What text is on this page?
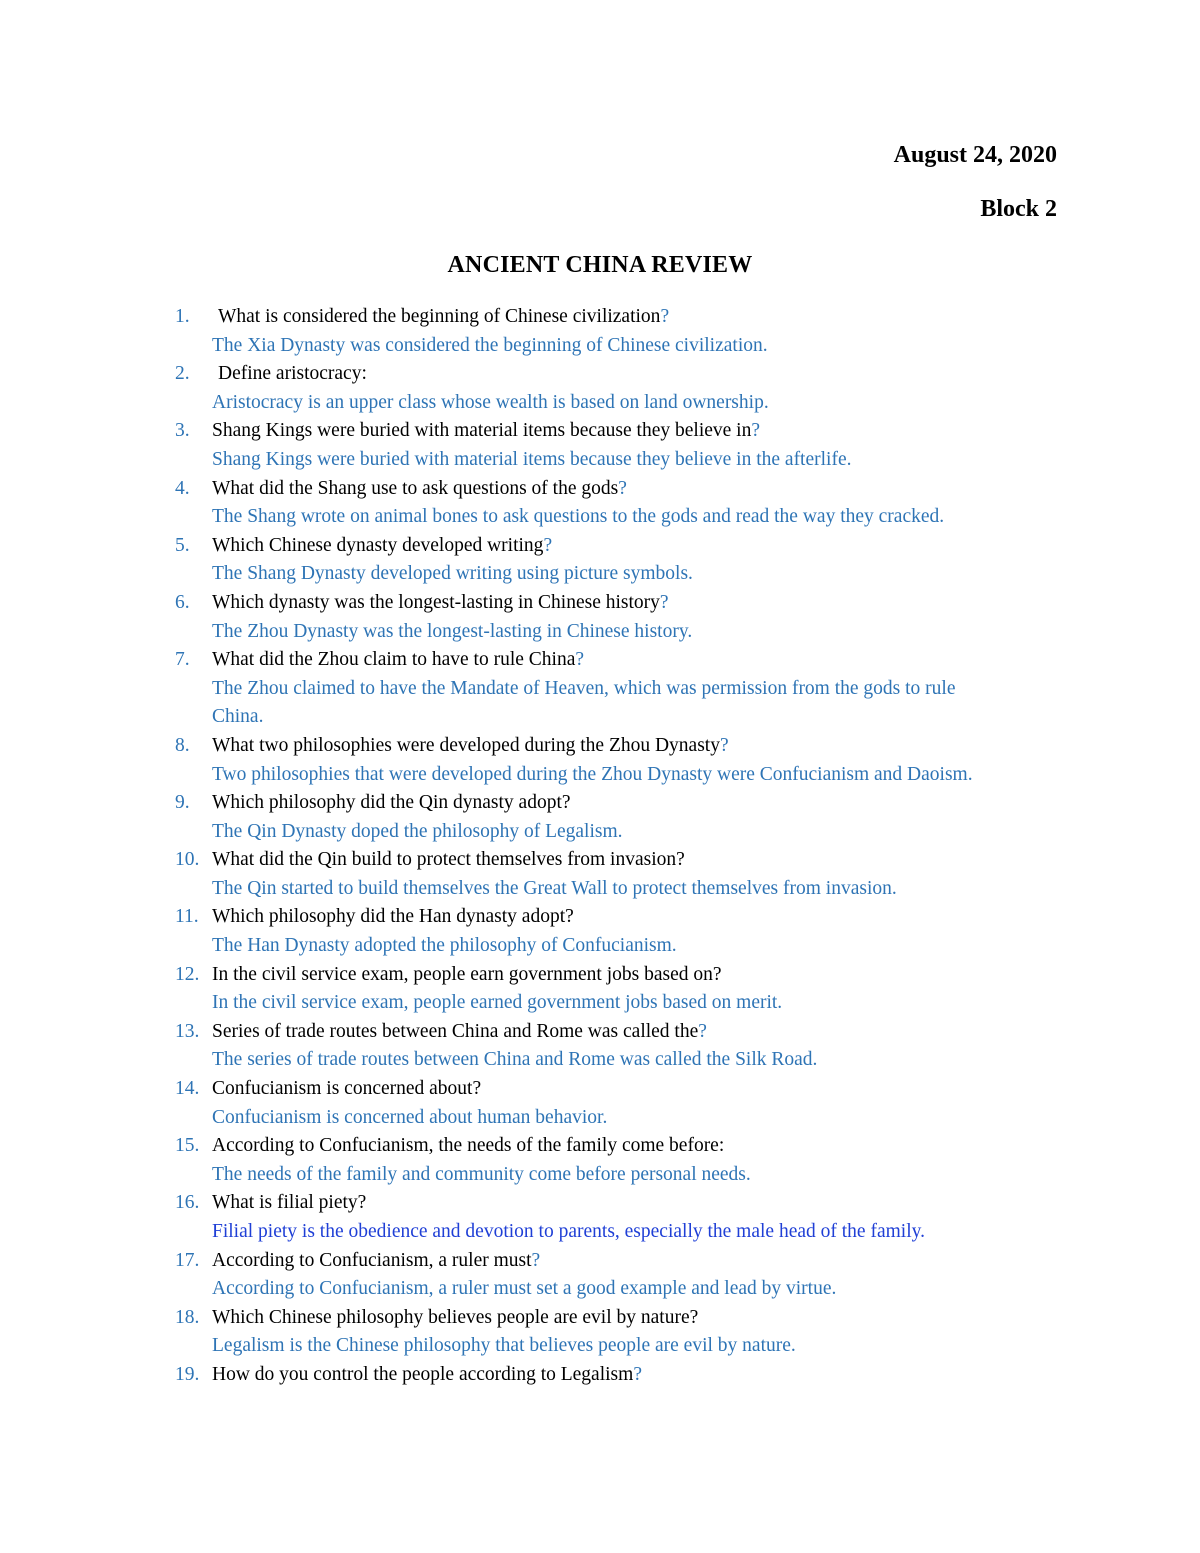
August 24, 2020
Block 2
ANCIENT CHINA REVIEW
1. What is considered the beginning of Chinese civilization?
The Xia Dynasty was considered the beginning of Chinese civilization.
2. Define aristocracy:
Aristocracy is an upper class whose wealth is based on land ownership.
3. Shang Kings were buried with material items because they believe in?
Shang Kings were buried with material items because they believe in the afterlife.
4. What did the Shang use to ask questions of the gods?
The Shang wrote on animal bones to ask questions to the gods and read the way they cracked.
5. Which Chinese dynasty developed writing?
The Shang Dynasty developed writing using picture symbols.
6. Which dynasty was the longest-lasting in Chinese history?
The Zhou Dynasty was the longest-lasting in Chinese history.
7. What did the Zhou claim to have to rule China?
The Zhou claimed to have the Mandate of Heaven, which was permission from the gods to rule
China.
8. What two philosophies were developed during the Zhou Dynasty?
Two philosophies that were developed during the Zhou Dynasty were Confucianism and Daoism.
9. Which philosophy did the Qin dynasty adopt?
The Qin Dynasty doped the philosophy of Legalism.
10. What did the Qin build to protect themselves from invasion?
The Qin started to build themselves the Great Wall to protect themselves from invasion.
11. Which philosophy did the Han dynasty adopt?
The Han Dynasty adopted the philosophy of Confucianism.
12. In the civil service exam, people earn government jobs based on?
In the civil service exam, people earned government jobs based on merit.
13. Series of trade routes between China and Rome was called the?
The series of trade routes between China and Rome was called the Silk Road.
14. Confucianism is concerned about?
Confucianism is concerned about human behavior.
15. According to Confucianism, the needs of the family come before:
The needs of the family and community come before personal needs.
16. What is filial piety?
Filial piety is the obedience and devotion to parents, especially the male head of the family.
17. According to Confucianism, a ruler must?
According to Confucianism, a ruler must set a good example and lead by virtue.
18. Which Chinese philosophy believes people are evil by nature?
Legalism is the Chinese philosophy that believes people are evil by nature.
19. How do you control the people according to Legalism?
